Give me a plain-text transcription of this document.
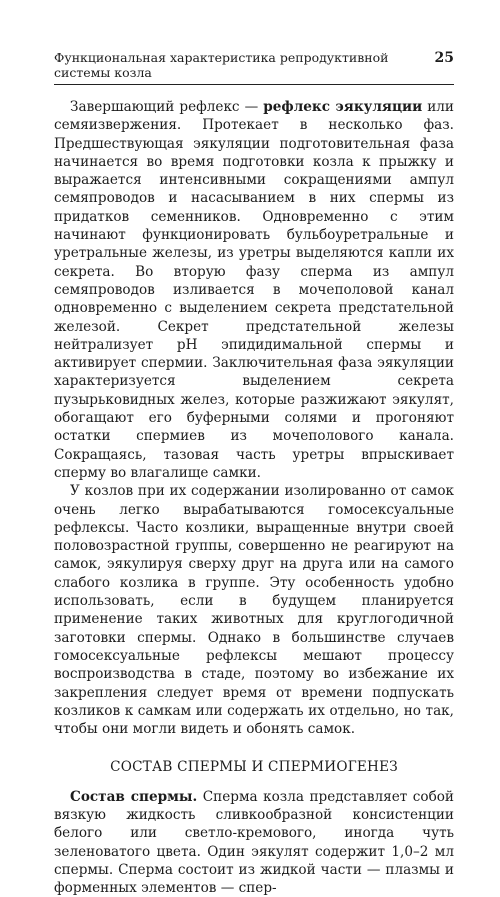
Функциональная характеристика репродуктивной системы козла
25

Завершающий рефлекс — рефлекс эякуляции или семяизвержения. Протекает в несколько фаз. Предшествующая эякуляции подготовительная фаза начинается во время подготовки козла к прыжку и выражается интенсивными сокращениями ампул семяпроводов и насасыванием в них спермы из придатков семенников. Одновременно с этим начинают функционировать бульбоуретральные и уретральные железы, из уретры выделяются капли их секрета. Во вторую фазу сперма из ампул семяпроводов изливается в мочеполовой канал одновременно с выделением секрета предстательной железой. Секрет предстательной железы нейтрализует pH эпидидимальной спермы и активирует спермии. Заключительная фаза эякуляции характеризуется выделением секрета пузырьковидных желез, которые разжижают эякулят, обогащают его буферными солями и прогоняют остатки спермиев из мочеполового канала. Сокращаясь, тазовая часть уретры впрыскивает сперму во влагалище самки.

У козлов при их содержании изолированно от самок очень легко вырабатываются гомосексуальные рефлексы. Часто козлики, выращенные внутри своей половозрастной группы, совершенно не реагируют на самок, эякулируя сверху друг на друга или на самого слабого козлика в группе. Эту особенность удобно использовать, если в будущем планируется применение таких животных для круглогодичной заготовки спермы. Однако в большинстве случаев гомосексуальные рефлексы мешают процессу воспроизводства в стаде, поэтому во избежание их закрепления следует время от времени подпускать козликов к самкам или содержать их отдельно, но так, чтобы они могли видеть и обонять самок.

СОСТАВ СПЕРМЫ И СПЕРМИОГЕНЕЗ

Состав спермы. Сперма козла представляет собой вязкую жидкость сливкообразной консистенции белого или светло-кремового, иногда чуть зеленоватого цвета. Один эякулят содержит 1,0–2 мл спермы. Сперма состоит из жидкой части — плазмы и форменных элементов — спер-
